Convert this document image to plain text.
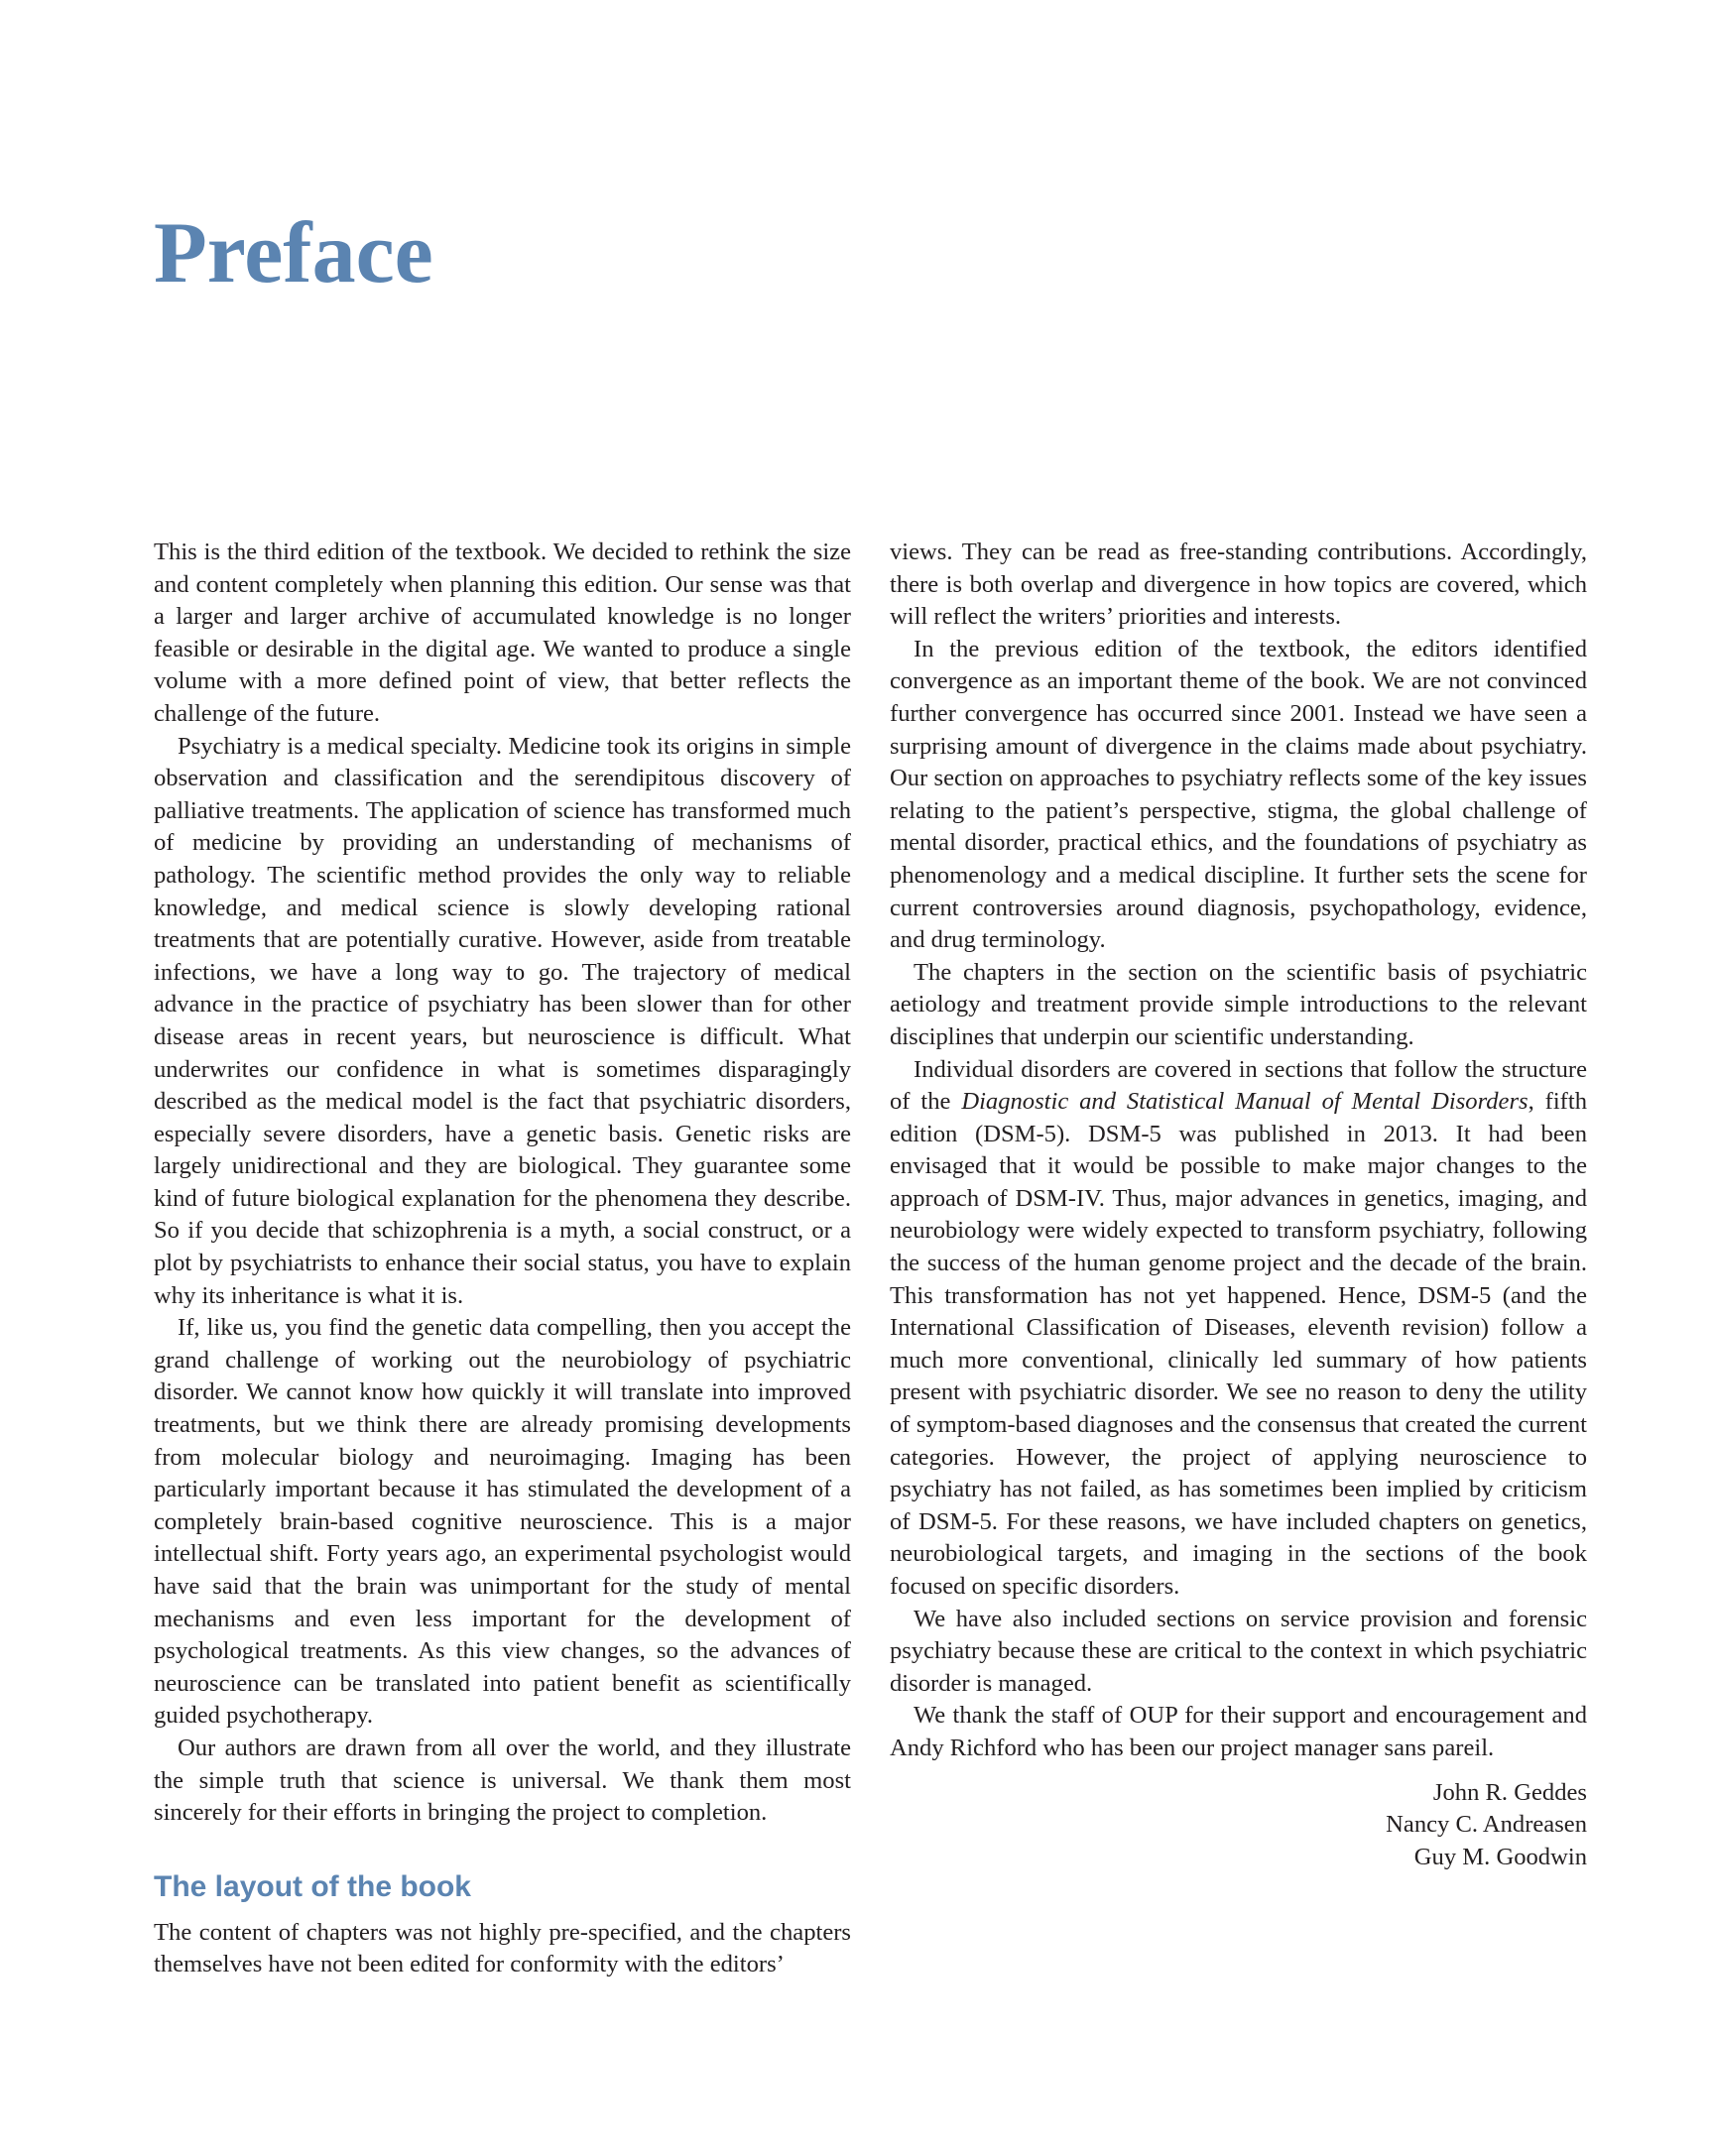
Preface

This is the third edition of the textbook. We decided to rethink the size and content completely when planning this edition. Our sense was that a larger and larger archive of accumulated knowledge is no longer feasible or desirable in the digital age. We wanted to produce a single volume with a more defined point of view, that better reflects the challenge of the future.

Psychiatry is a medical specialty. Medicine took its origins in simple observation and classification and the serendipitous discovery of palliative treatments. The application of science has transformed much of medicine by providing an understanding of mechanisms of pathology. The scientific method provides the only way to reliable knowledge, and medical science is slowly developing rational treatments that are potentially curative. However, aside from treatable infections, we have a long way to go. The trajectory of medical advance in the practice of psychiatry has been slower than for other disease areas in recent years, but neuroscience is difficult. What underwrites our confidence in what is sometimes disparagingly described as the medical model is the fact that psychiatric disorders, especially severe disorders, have a genetic basis. Genetic risks are largely unidirectional and they are biological. They guarantee some kind of future biological explanation for the phenomena they describe. So if you decide that schizophrenia is a myth, a social construct, or a plot by psychiatrists to enhance their social status, you have to explain why its inheritance is what it is.

If, like us, you find the genetic data compelling, then you accept the grand challenge of working out the neurobiology of psychiatric disorder. We cannot know how quickly it will translate into improved treatments, but we think there are already promising developments from molecular biology and neuroimaging. Imaging has been particularly important because it has stimulated the development of a completely brain-based cognitive neuroscience. This is a major intellectual shift. Forty years ago, an experimental psychologist would have said that the brain was unimportant for the study of mental mechanisms and even less important for the development of psychological treatments. As this view changes, so the advances of neuroscience can be translated into patient benefit as scientifically guided psychotherapy.

Our authors are drawn from all over the world, and they illustrate the simple truth that science is universal. We thank them most sincerely for their efforts in bringing the project to completion.

The layout of the book

The content of chapters was not highly pre-specified, and the chapters themselves have not been edited for conformity with the editors’

views. They can be read as free-standing contributions. Accordingly, there is both overlap and divergence in how topics are covered, which will reflect the writers’ priorities and interests.

In the previous edition of the textbook, the editors identified convergence as an important theme of the book. We are not convinced further convergence has occurred since 2001. Instead we have seen a surprising amount of divergence in the claims made about psychiatry. Our section on approaches to psychiatry reflects some of the key issues relating to the patient’s perspective, stigma, the global challenge of mental disorder, practical ethics, and the foundations of psychiatry as phenomenology and a medical discipline. It further sets the scene for current controversies around diagnosis, psychopathology, evidence, and drug terminology.

The chapters in the section on the scientific basis of psychiatric aetiology and treatment provide simple introductions to the relevant disciplines that underpin our scientific understanding.

Individual disorders are covered in sections that follow the structure of the Diagnostic and Statistical Manual of Mental Disorders, fifth edition (DSM-5). DSM-5 was published in 2013. It had been envisaged that it would be possible to make major changes to the approach of DSM-IV. Thus, major advances in genetics, imaging, and neurobiology were widely expected to transform psychiatry, following the success of the human genome project and the decade of the brain. This transformation has not yet happened. Hence, DSM-5 (and the International Classification of Diseases, eleventh revision) follow a much more conventional, clinically led summary of how patients present with psychiatric disorder. We see no reason to deny the utility of symptom-based diagnoses and the consensus that created the current categories. However, the project of applying neuroscience to psychiatry has not failed, as has sometimes been implied by criticism of DSM-5. For these reasons, we have included chapters on genetics, neurobiological targets, and imaging in the sections of the book focused on specific disorders.

We have also included sections on service provision and forensic psychiatry because these are critical to the context in which psychiatric disorder is managed.

We thank the staff of OUP for their support and encouragement and Andy Richford who has been our project manager sans pareil.

John R. Geddes
Nancy C. Andreasen
Guy M. Goodwin
